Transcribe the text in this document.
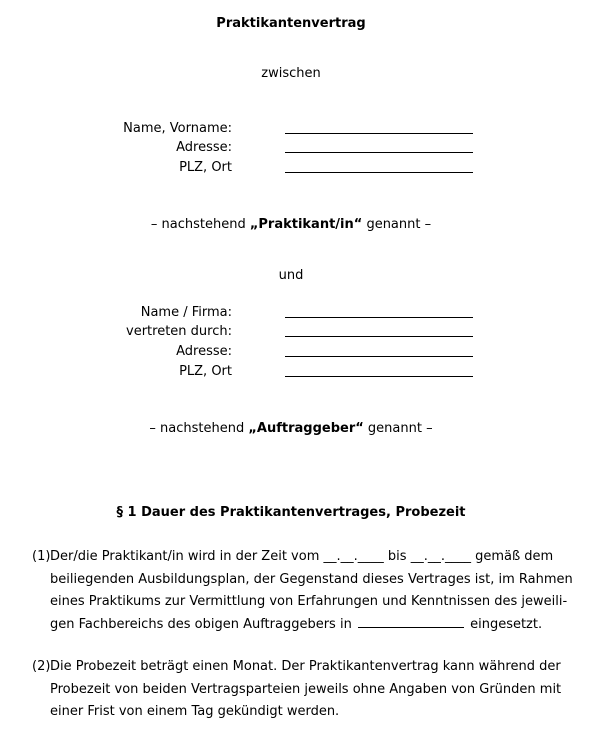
Praktikantenvertrag
zwischen
Name, Vorname:
Adresse:
PLZ, Ort
– nachstehend „Praktikant/in“ genannt –
und
Name / Firma:
vertreten durch:
Adresse:
PLZ, Ort
– nachstehend „Auftraggeber“ genannt –
§ 1 Dauer des Praktikantenvertrages, Probezeit
(1) Der/die Praktikant/in wird in der Zeit vom __.__.____ bis __.__.____ gemäß dem
beiliegenden Ausbildungsplan, der Gegenstand dieses Vertrages ist, im Rahmen
eines Praktikums zur Vermittlung von Erfahrungen und Kenntnissen des jeweili-
gen Fachbereichs des obigen Auftraggebers in	eingesetzt.
(2) Die Probezeit beträgt einen Monat. Der Praktikantenvertrag kann während der
Probezeit von beiden Vertragsparteien jeweils ohne Angaben von Gründen mit
einer Frist von einem Tag gekündigt werden.
